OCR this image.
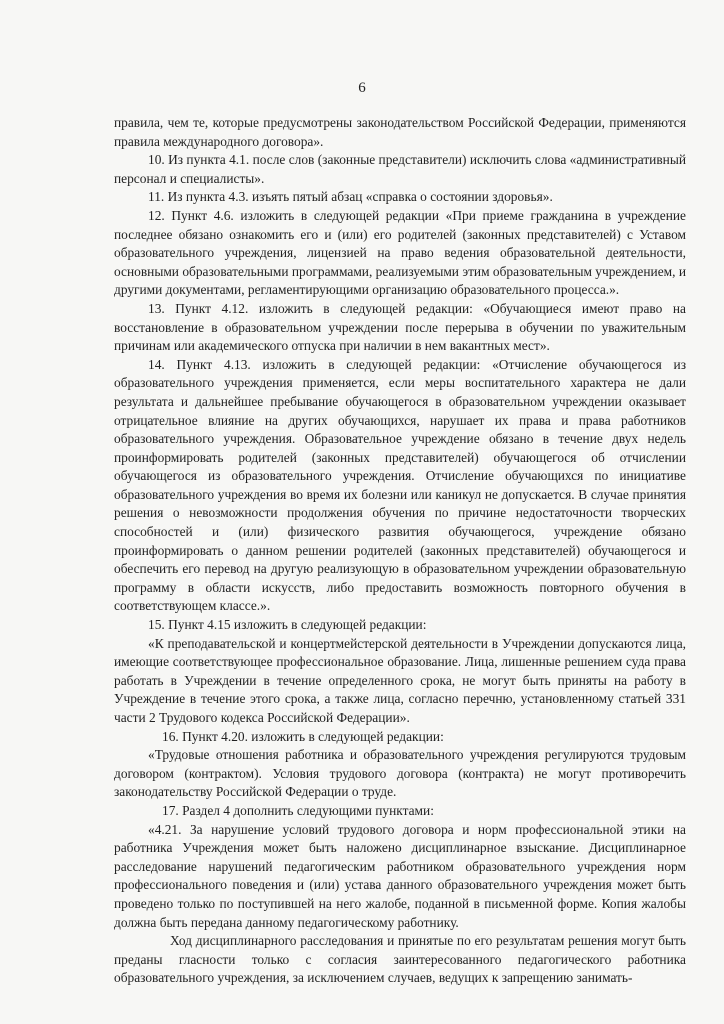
6

правила, чем те, которые предусмотрены законодательством Российской Федерации, применяются правила международного договора».

10. Из пункта 4.1. после слов (законные представители) исключить слова «административный персонал и специалисты».

11. Из пункта 4.3. изъять пятый абзац «справка о состоянии здоровья».

12. Пункт 4.6. изложить в следующей редакции «При приеме гражданина в учреждение последнее обязано ознакомить его и (или) его родителей (законных представителей) с Уставом образовательного учреждения, лицензией на право ведения образовательной деятельности, основными образовательными программами, реализуемыми этим образовательным учреждением, и другими документами, регламентирующими организацию образовательного процесса.».

13. Пункт 4.12. изложить в следующей редакции: «Обучающиеся имеют право на восстановление в образовательном учреждении после перерыва в обучении по уважительным причинам или академического отпуска при наличии в нем вакантных мест».

14. Пункт 4.13. изложить в следующей редакции: «Отчисление обучающегося из образовательного учреждения применяется, если меры воспитательного характера не дали результата и дальнейшее пребывание обучающегося в образовательном учреждении оказывает отрицательное влияние на других обучающихся, нарушает их права и права работников образовательного учреждения. Образовательное учреждение обязано в течение двух недель проинформировать родителей (законных представителей) обучающегося об отчислении обучающегося из образовательного учреждения. Отчисление обучающихся по инициативе образовательного учреждения во время их болезни или каникул не допускается. В случае принятия решения о невозможности продолжения обучения по причине недостаточности творческих способностей и (или) физического развития обучающегося, учреждение обязано проинформировать о данном решении родителей (законных представителей) обучающегося и обеспечить его перевод на другую реализующую в образовательном учреждении образовательную программу в области искусств, либо предоставить возможность повторного обучения в соответствующем классе.».

15. Пункт 4.15 изложить в следующей редакции:

«К преподавательской и концертмейстерской деятельности в Учреждении допускаются лица, имеющие соответствующее профессиональное образование. Лица, лишенные решением суда права работать в Учреждении в течение определенного срока, не могут быть приняты на работу в Учреждение в течение этого срока, а также лица, согласно перечню, установленному статьей 331 части 2 Трудового кодекса Российской Федерации».

16. Пункт 4.20. изложить в следующей редакции:

«Трудовые отношения работника и образовательного учреждения регулируются трудовым договором (контрактом). Условия трудового договора (контракта) не могут противоречить законодательству Российской Федерации о труде.

17. Раздел 4 дополнить следующими пунктами:

«4.21. За нарушение условий трудового договора и норм профессиональной этики на работника Учреждения может быть наложено дисциплинарное взыскание. Дисциплинарное расследование нарушений педагогическим работником образовательного учреждения норм профессионального поведения и (или) устава данного образовательного учреждения может быть проведено только по поступившей на него жалобе, поданной в письменной форме. Копия жалобы должна быть передана данному педагогическому работнику.

Ход дисциплинарного расследования и принятые по его результатам решения могут быть преданы гласности только с согласия заинтересованного педагогического работника образовательного учреждения, за исключением случаев, ведущих к запрещению занимать-
